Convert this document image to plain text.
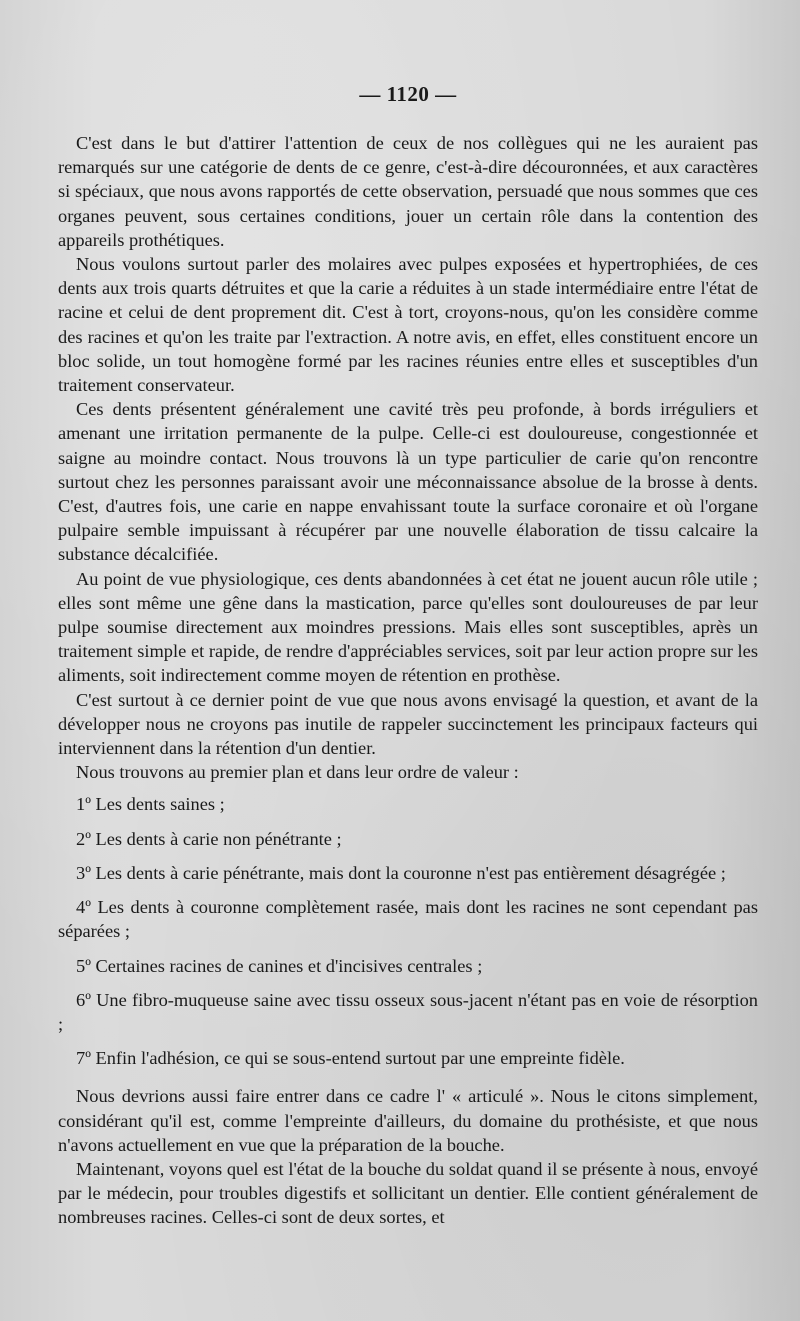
— 1120 —

C'est dans le but d'attirer l'attention de ceux de nos collègues qui ne les auraient pas remarqués sur une catégorie de dents de ce genre, c'est-à-dire découronnées, et aux caractères si spéciaux, que nous avons rapportés de cette observation, persuadé que nous sommes que ces organes peuvent, sous certaines conditions, jouer un certain rôle dans la contention des appareils prothétiques.

Nous voulons surtout parler des molaires avec pulpes exposées et hypertrophiées, de ces dents aux trois quarts détruites et que la carie a réduites à un stade intermédiaire entre l'état de racine et celui de dent proprement dit. C'est à tort, croyons-nous, qu'on les considère comme des racines et qu'on les traite par l'extraction. A notre avis, en effet, elles constituent encore un bloc solide, un tout homogène formé par les racines réunies entre elles et susceptibles d'un traitement conservateur.

Ces dents présentent généralement une cavité très peu profonde, à bords irréguliers et amenant une irritation permanente de la pulpe. Celle-ci est douloureuse, congestionnée et saigne au moindre contact. Nous trouvons là un type particulier de carie qu'on rencontre surtout chez les personnes paraissant avoir une méconnaissance absolue de la brosse à dents. C'est, d'autres fois, une carie en nappe envahissant toute la surface coronaire et où l'organe pulpaire semble impuissant à récupérer par une nouvelle élaboration de tissu calcaire la substance décalcifiée.

Au point de vue physiologique, ces dents abandonnées à cet état ne jouent aucun rôle utile ; elles sont même une gêne dans la mastication, parce qu'elles sont douloureuses de par leur pulpe soumise directement aux moindres pressions. Mais elles sont susceptibles, après un traitement simple et rapide, de rendre d'appréciables services, soit par leur action propre sur les aliments, soit indirectement comme moyen de rétention en prothèse.

C'est surtout à ce dernier point de vue que nous avons envisagé la question, et avant de la développer nous ne croyons pas inutile de rappeler succinctement les principaux facteurs qui interviennent dans la rétention d'un dentier.

Nous trouvons au premier plan et dans leur ordre de valeur :

1º Les dents saines ;
2º Les dents à carie non pénétrante ;
3º Les dents à carie pénétrante, mais dont la couronne n'est pas entièrement désagrégée ;
4º Les dents à couronne complètement rasée, mais dont les racines ne sont cependant pas séparées ;
5º Certaines racines de canines et d'incisives centrales ;
6º Une fibro-muqueuse saine avec tissu osseux sous-jacent n'étant pas en voie de résorption ;
7º Enfin l'adhésion, ce qui se sous-entend surtout par une empreinte fidèle.

Nous devrions aussi faire entrer dans ce cadre l' « articulé ». Nous le citons simplement, considérant qu'il est, comme l'empreinte d'ailleurs, du domaine du prothésiste, et que nous n'avons actuellement en vue que la préparation de la bouche.

Maintenant, voyons quel est l'état de la bouche du soldat quand il se présente à nous, envoyé par le médecin, pour troubles digestifs et sollicitant un dentier. Elle contient généralement de nombreuses racines. Celles-ci sont de deux sortes, et
